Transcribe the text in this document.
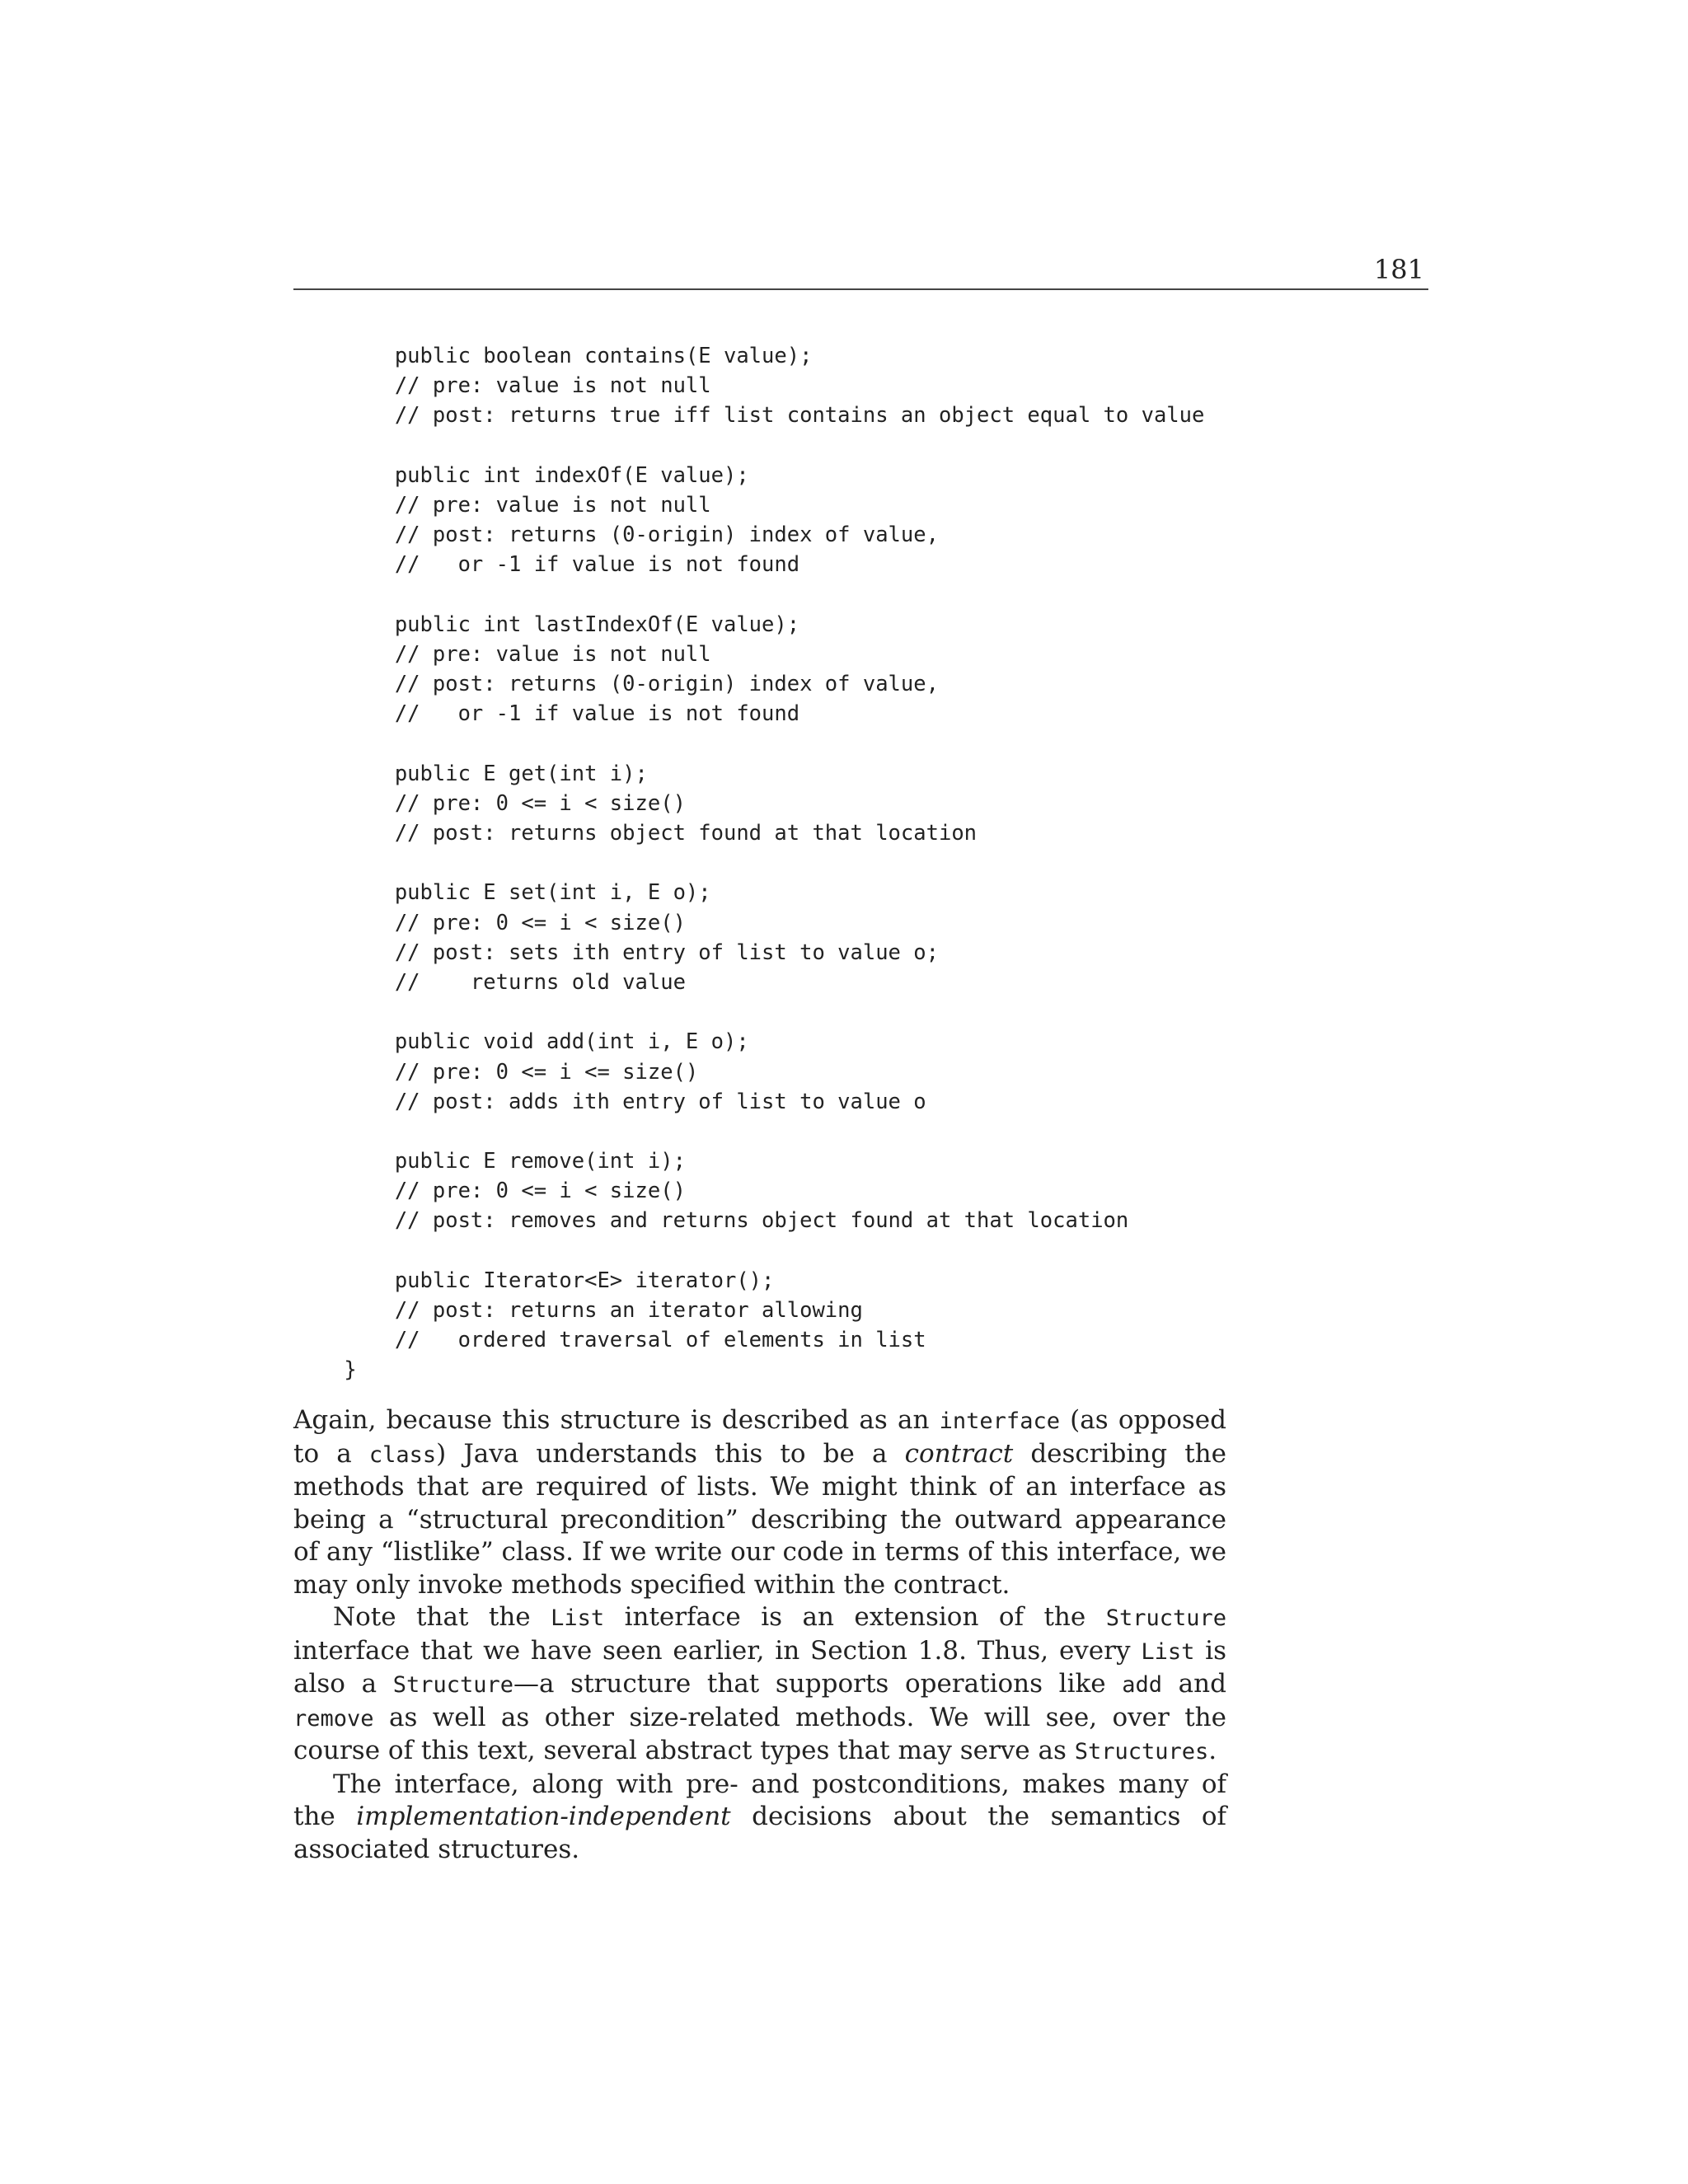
181
public boolean contains(E value);
// pre: value is not null
// post: returns true iff list contains an object equal to value
public int indexOf(E value);
// pre: value is not null
// post: returns (0-origin) index of value,
//   or -1 if value is not found
public int lastIndexOf(E value);
// pre: value is not null
// post: returns (0-origin) index of value,
//   or -1 if value is not found
public E get(int i);
// pre: 0 <= i < size()
// post: returns object found at that location
public E set(int i, E o);
// pre: 0 <= i < size()
// post: sets ith entry of list to value o;
//    returns old value
public void add(int i, E o);
// pre: 0 <= i <= size()
// post: adds ith entry of list to value o
public E remove(int i);
// pre: 0 <= i < size()
// post: removes and returns object found at that location
public Iterator<E> iterator();
// post: returns an iterator allowing
//   ordered traversal of elements in list
}

Again, because this structure is described as an interface (as opposed to a class) Java understands this to be a contract describing the methods that are required of lists. We might think of an interface as being a “structural precondition” describing the outward appearance of any “listlike” class. If we write our code in terms of this interface, we may only invoke methods specified within the contract.

Note that the List interface is an extension of the Structure interface that we have seen earlier, in Section 1.8. Thus, every List is also a Structure—a structure that supports operations like add and remove as well as other size-related methods. We will see, over the course of this text, several abstract types that may serve as Structures.

The interface, along with pre- and postconditions, makes many of the implementation-independent decisions about the semantics of associated structures.
